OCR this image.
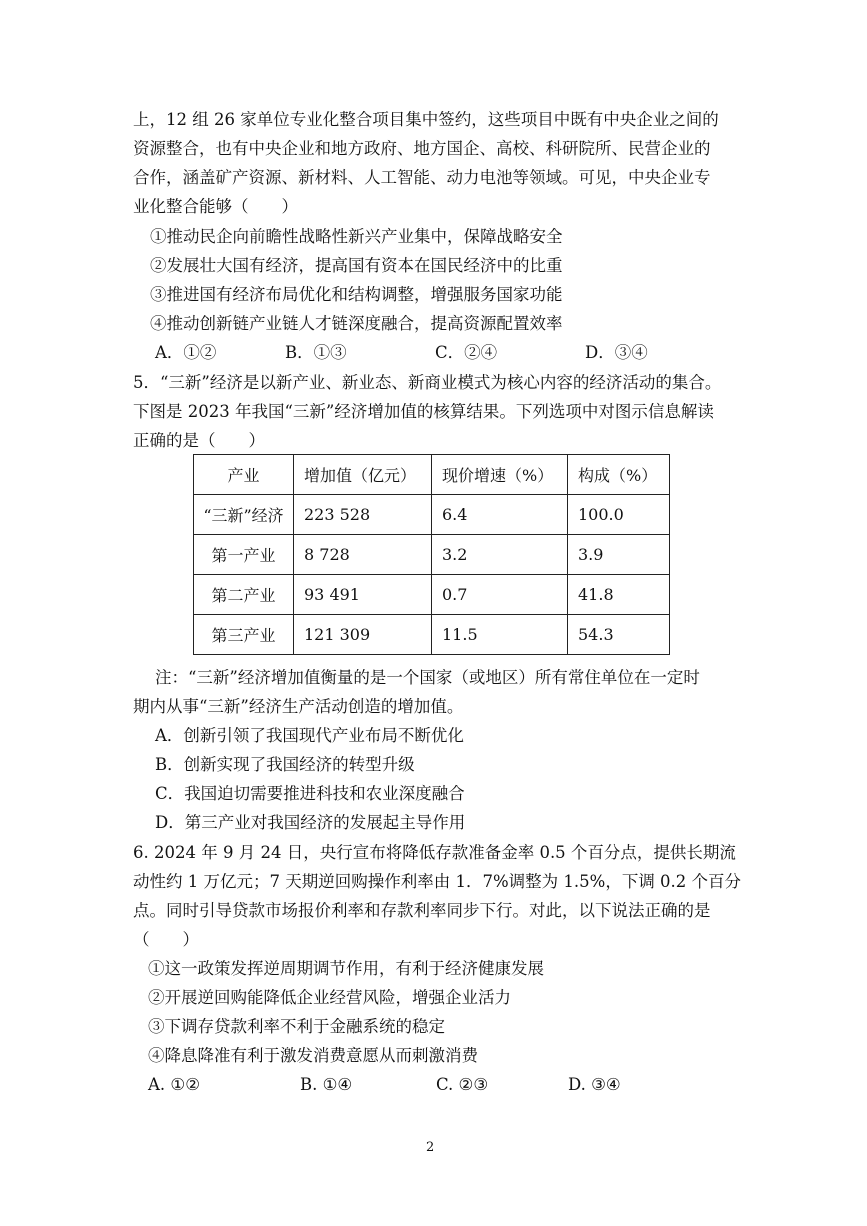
上，12 组 26 家单位专业化整合项目集中签约，这些项目中既有中央企业之间的
资源整合，也有中央企业和地方政府、地方国企、高校、科研院所、民营企业的
合作，涵盖矿产资源、新材料、人工智能、动力电池等领域。可见，中央企业专
业化整合能够（　　）
①推动民企向前瞻性战略性新兴产业集中，保障战略安全
②发展壮大国有经济，提高国有资本在国民经济中的比重
③推进国有经济布局优化和结构调整，增强服务国家功能
④推动创新链产业链人才链深度融合，提高资源配置效率
A．①②	B．①③	C．②④	D．③④
5．“三新”经济是以新产业、新业态、新商业模式为核心内容的经济活动的集合。
下图是 2023 年我国“三新”经济增加值的核算结果。下列选项中对图示信息解读
正确的是（　　）
产业	增加值（亿元）	现价增速（%）	构成（%）
“三新”经济	223 528	6.4	100.0
第一产业	8 728	3.2	3.9
第二产业	93 491	0.7	41.8
第三产业	121 309	11.5	54.3
注：“三新”经济增加值衡量的是一个国家（或地区）所有常住单位在一定时
期内从事“三新”经济生产活动创造的增加值。
A．创新引领了我国现代产业布局不断优化
B．创新实现了我国经济的转型升级
C．我国迫切需要推进科技和农业深度融合
D．第三产业对我国经济的发展起主导作用
6. 2024 年 9 月 24 日，央行宣布将降低存款准备金率 0.5 个百分点，提供长期流
动性约 1 万亿元；7 天期逆回购操作利率由 1．7%调整为 1.5%，下调 0.2 个百分
点。同时引导贷款市场报价利率和存款利率同步下行。对此，以下说法正确的是
（　　）
①这一政策发挥逆周期调节作用，有利于经济健康发展
②开展逆回购能降低企业经营风险，增强企业活力
③下调存贷款利率不利于金融系统的稳定
④降息降准有利于激发消费意愿从而刺激消费
A. ①②	B. ①④	C. ②③	D. ③④
2
